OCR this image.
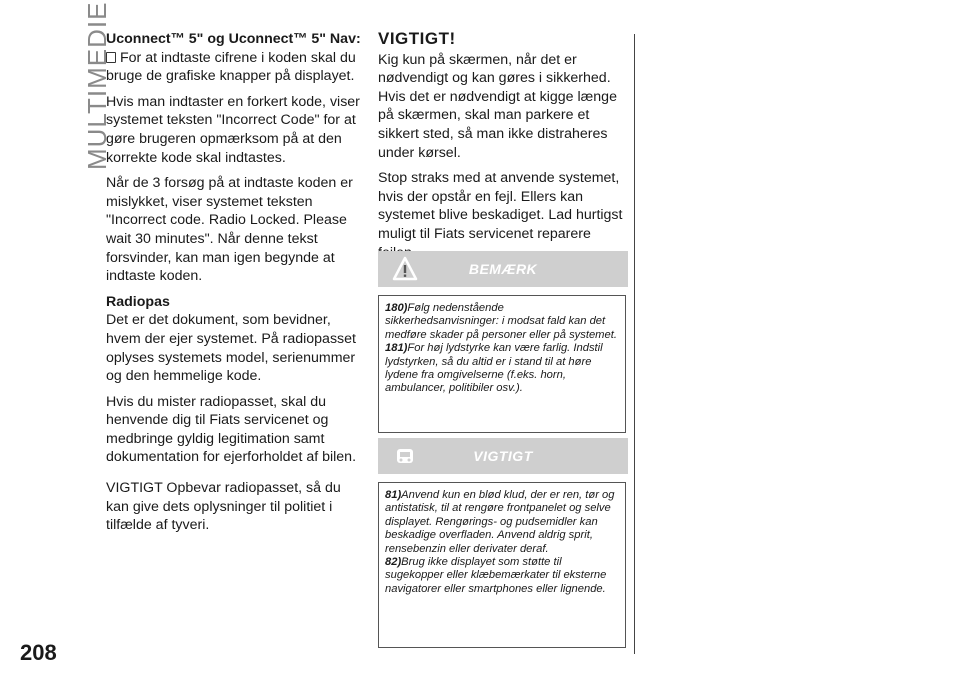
MULTIMEDIE

Uconnect™ 5" og Uconnect™ 5" Nav:

For at indtaste cifrene i koden skal du bruge de grafiske knapper på displayet.

Hvis man indtaster en forkert kode, viser systemet teksten "Incorrect Code" for at gøre brugeren opmærksom på at den korrekte kode skal indtastes.

Når de 3 forsøg på at indtaste koden er mislykket, viser systemet teksten "Incorrect code. Radio Locked. Please wait 30 minutes". Når denne tekst forsvinder, kan man igen begynde at indtaste koden.

Radiopas

Det er det dokument, som bevidner, hvem der ejer systemet. På radiopasset oplyses systemets model, serienummer og den hemmelige kode.

Hvis du mister radiopasset, skal du henvende dig til Fiats servicenet og medbringe gyldig legitimation samt dokumentation for ejerforholdet af bilen.

VIGTIGT Opbevar radiopasset, så du kan give dets oplysninger til politiet i tilfælde af tyveri.

VIGTIGT!

Kig kun på skærmen, når det er nødvendigt og kan gøres i sikkerhed. Hvis det er nødvendigt at kigge længe på skærmen, skal man parkere et sikkert sted, så man ikke distraheres under kørsel.

Stop straks med at anvende systemet, hvis der opstår en fejl. Ellers kan systemet blive beskadiget. Lad hurtigst muligt til Fiats servicenet reparere

BEMÆRK
180)Følg nedenstående sikkerhedsanvisninger: i modsat fald kan det medføre skader på personer eller på systemet.
181)For høj lydstyrke kan være farlig. Indstil lydstyrken, så du altid er i stand til at høre lydene fra omgivelserne (f.eks. horn, ambulancer, politibiler osv.).
VIGTIGT
81)Anvend kun en blød klud, der er ren, tør og antistatisk, til at rengøre frontpanelet og selve displayet. Rengørings- og pudsemidler kan beskadige overfladen. Anvend aldrig sprit, rensebenzin eller derivater deraf.
82)Brug ikke displayet som støtte til sugekopper eller klæbemærkater til eksterne navigatorer eller smartphones eller lignende.
208
